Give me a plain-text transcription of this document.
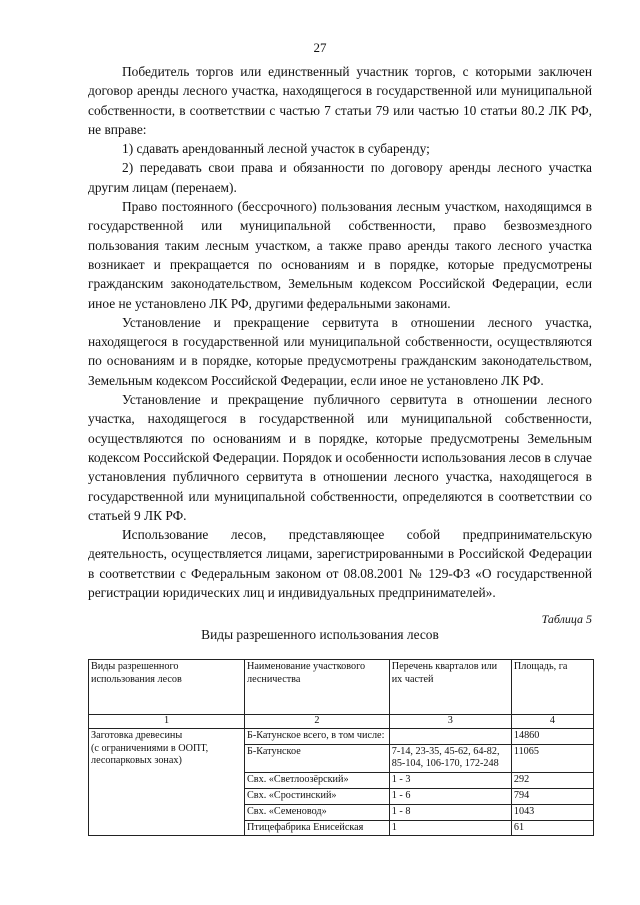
27

Победитель торгов или единственный участник торгов, с которыми заключен договор аренды лесного участка, находящегося в государственной или муниципальной собственности, в соответствии с частью 7 статьи 79 или частью 10 статьи 80.2 ЛК РФ, не вправе:

1) сдавать арендованный лесной участок в субаренду;

2) передавать свои права и обязанности по договору аренды лесного участка другим лицам (перенаем).

Право постоянного (бессрочного) пользования лесным участком, находящимся в государственной или муниципальной собственности, право безвозмездного пользования таким лесным участком, а также право аренды такого лесного участка возникает и прекращается по основаниям и в порядке, которые предусмотрены гражданским законодательством, Земельным кодексом Российской Федерации, если иное не установлено ЛК РФ, другими федеральными законами.

Установление и прекращение сервитута в отношении лесного участка, находящегося в государственной или муниципальной собственности, осуществляются по основаниям и в порядке, которые предусмотрены гражданским законодательством, Земельным кодексом Российской Федерации, если иное не установлено ЛК РФ.

Установление и прекращение публичного сервитута в отношении лесного участка, находящегося в государственной или муниципальной собственности, осуществляются по основаниям и в порядке, которые предусмотрены Земельным кодексом Российской Федерации. Порядок и особенности использования лесов в случае установления публичного сервитута в отношении лесного участка, находящегося в государственной или муниципальной собственности, определяются в соответствии со статьей 9 ЛК РФ.

Использование лесов, представляющее собой предпринимательскую деятельность, осуществляется лицами, зарегистрированными в Российской Федерации в соответствии с Федеральным законом от 08.08.2001 № 129-ФЗ «О государственной регистрации юридических лиц и индивидуальных предпринимателей».

Таблица 5
Виды разрешенного использования лесов
Виды разрешенного использования лесов	Наименование участкового лесничества	Перечень кварталов или их частей	Площадь, га
1	2	3	4

Заготовка древесины
(с ограничениями в ООПТ,
лесопарковых зонах)	Б-Катунское всего, в том числе:		14860
	Б-Катунское	7-14, 23-35, 45-62, 64-82, 85-104, 106-170, 172-248	11065
	Свх. «Светлоозёрский»	1 - 3	292
	Свх. «Сростинский»	1 - 6	794
	Свх. «Семеновод»	1 - 8	1043
	Птицефабрика Енисейская	1	61
